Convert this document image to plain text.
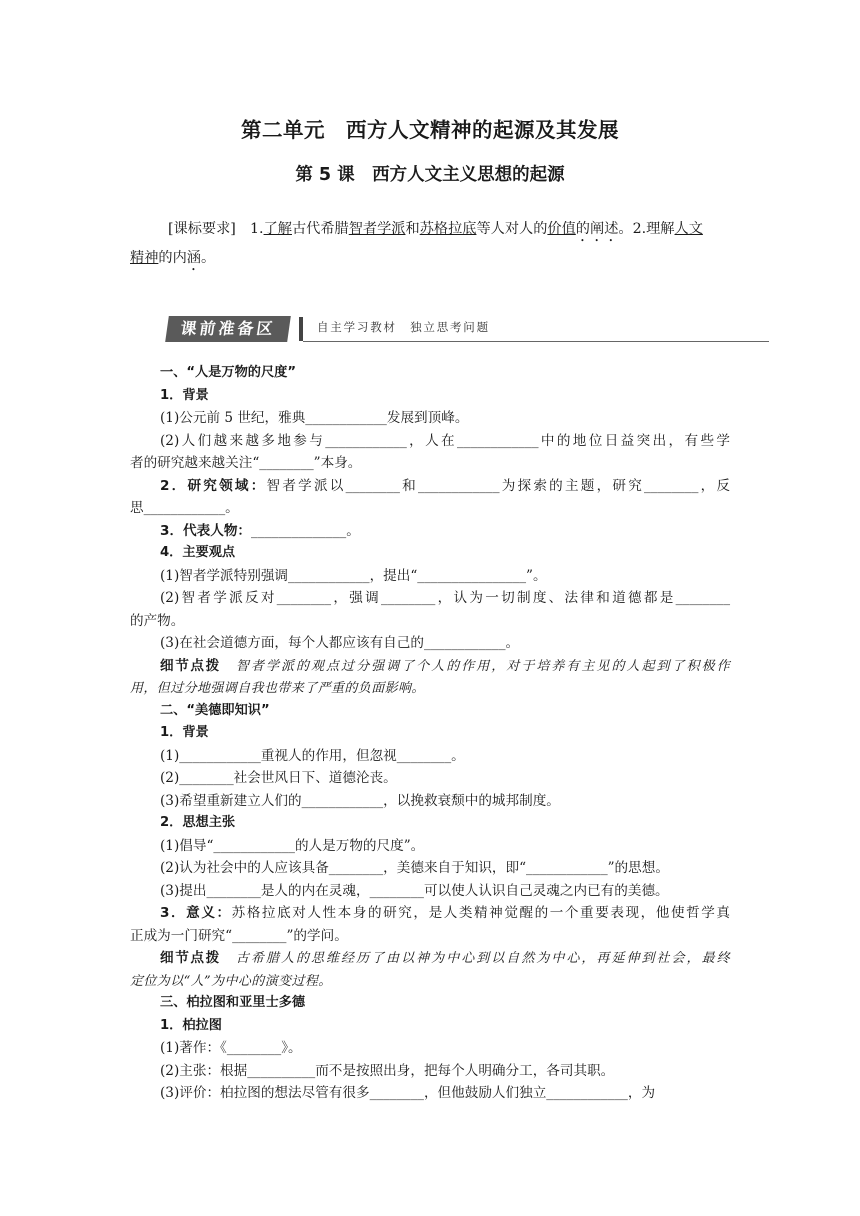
第二单元　西方人文精神的起源及其发展
第 5 课　西方人文主义思想的起源

[课标要求]　1.了解古代希腊智者学派和苏格拉底等人对人的价值的阐述。2.理解人文

精神的内涵。

课前准备区	自主学习教材　独立思考问题

一、“人是万物的尺度”

1．背景

(1)公元前 5 世纪，雅典____________发展到顶峰。

(2)人们越来越多地参与____________，人在____________中的地位日益突出，有些学

者的研究越来越关注“________”本身。

2．研究领域：智者学派以________和____________为探索的主题，研究________，反

思____________。

3．代表人物：______________。

4．主要观点

(1)智者学派特别强调____________，提出“________________”。

(2)智者学派反对________，强调________，认为一切制度、法律和道德都是________

的产物。

(3)在社会道德方面，每个人都应该有自己的____________。

细节点拨　智者学派的观点过分强调了个人的作用，对于培养有主见的人起到了积极作

用，但过分地强调自我也带来了严重的负面影响。

二、“美德即知识”

1．背景

(1)____________重视人的作用，但忽视________。

(2)________社会世风日下、道德沦丧。

(3)希望重新建立人们的____________，以挽救衰颓中的城邦制度。

2．思想主张

(1)倡导“____________的人是万物的尺度”。

(2)认为社会中的人应该具备________，美德来自于知识，即“____________”的思想。

(3)提出________是人的内在灵魂，________可以使人认识自己灵魂之内已有的美德。

3．意义：苏格拉底对人性本身的研究，是人类精神觉醒的一个重要表现，他使哲学真

正成为一门研究“________”的学问。

细节点拨　古希腊人的思维经历了由以神为中心到以自然为中心，再延伸到社会，最终

定位为以“人”为中心的演变过程。

三、柏拉图和亚里士多德

1．柏拉图

(1)著作：《________》。

(2)主张：根据__________而不是按照出身，把每个人明确分工，各司其职。

(3)评价：柏拉图的想法尽管有很多________，但他鼓励人们独立____________，为
